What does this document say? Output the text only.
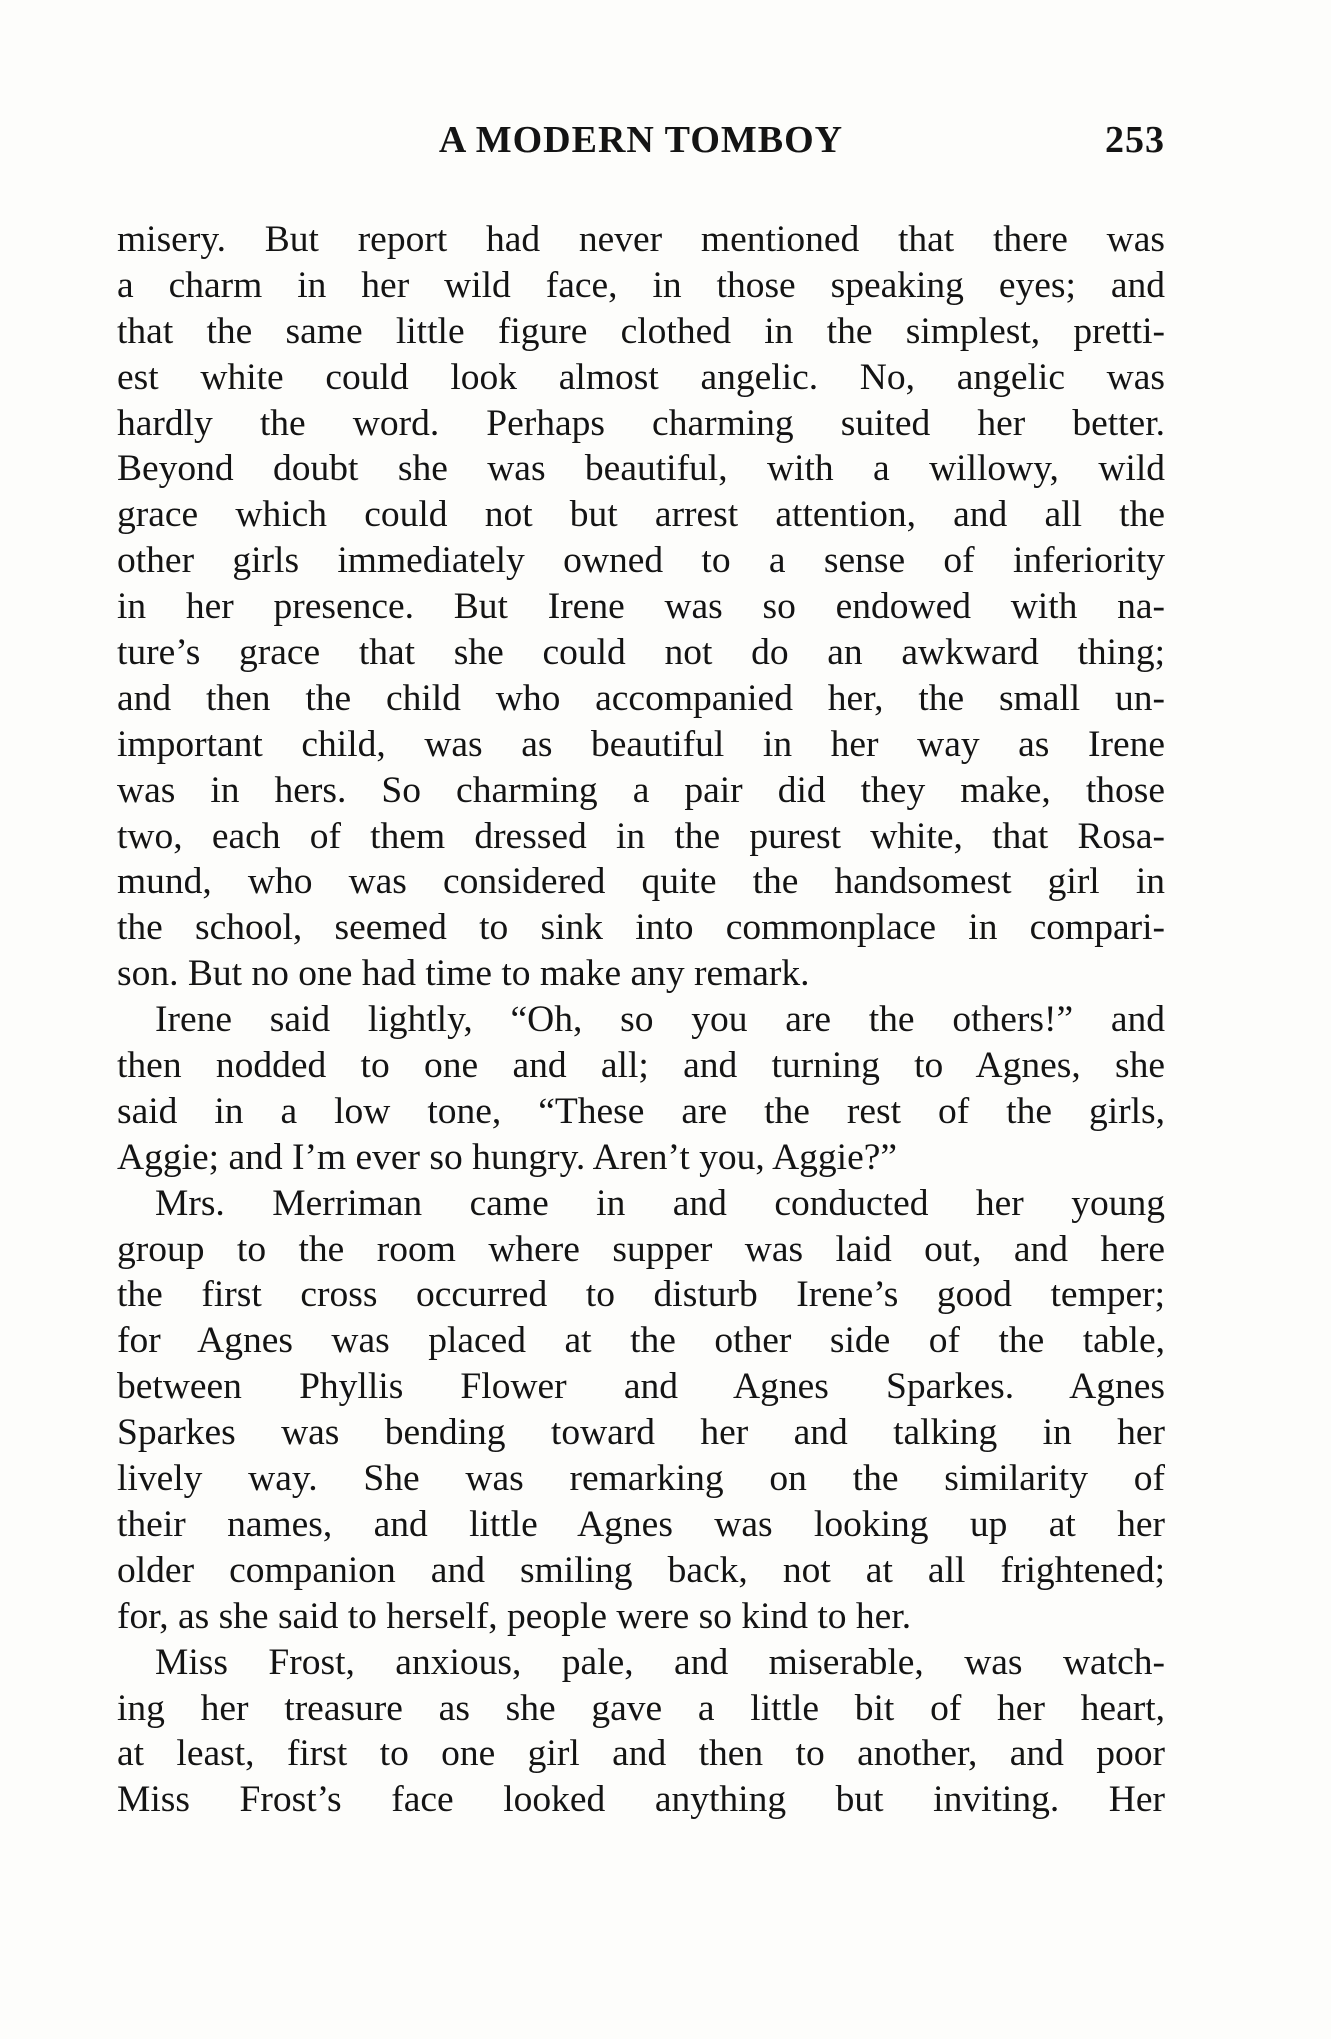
A MODERN TOMBOY	253
misery. But report had never mentioned that there was
a charm in her wild face, in those speaking eyes; and
that the same little figure clothed in the simplest, pretti-
est white could look almost angelic. No, angelic was
hardly the word. Perhaps charming suited her better.
Beyond doubt she was beautiful, with a willowy, wild
grace which could not but arrest attention, and all the
other girls immediately owned to a sense of inferiority
in her presence. But Irene was so endowed with na-
ture’s grace that she could not do an awkward thing;
and then the child who accompanied her, the small un-
important child, was as beautiful in her way as Irene
was in hers. So charming a pair did they make, those
two, each of them dressed in the purest white, that Rosa-
mund, who was considered quite the handsomest girl in
the school, seemed to sink into commonplace in compari-
son. But no one had time to make any remark.
Irene said lightly, “Oh, so you are the others!” and
then nodded to one and all; and turning to Agnes, she
said in a low tone, “These are the rest of the girls,
Aggie; and I’m ever so hungry. Aren’t you, Aggie?”
Mrs. Merriman came in and conducted her young
group to the room where supper was laid out, and here
the first cross occurred to disturb Irene’s good temper;
for Agnes was placed at the other side of the table,
between Phyllis Flower and Agnes Sparkes. Agnes
Sparkes was bending toward her and talking in her
lively way. She was remarking on the similarity of
their names, and little Agnes was looking up at her
older companion and smiling back, not at all frightened;
for, as she said to herself, people were so kind to her.
Miss Frost, anxious, pale, and miserable, was watch-
ing her treasure as she gave a little bit of her heart,
at least, first to one girl and then to another, and poor
Miss Frost’s face looked anything but inviting. Her
